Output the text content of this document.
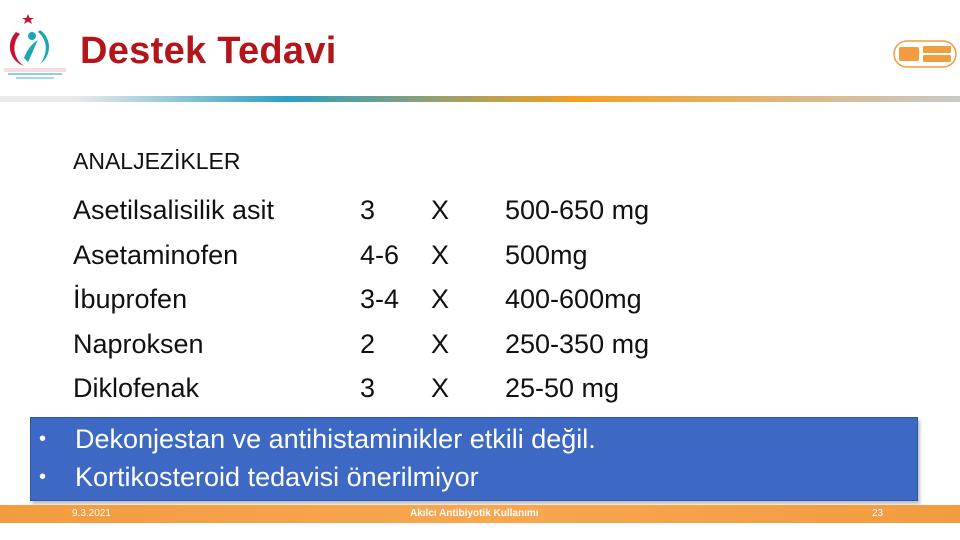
Destek Tedavi
ANALJEZİKLER
Asetilsalisilik asit	3 X 500-650 mg
Asetaminofen	4-6 X 500mg
İbuprofen	3-4 X 400-600mg
Naproksen	2 X 250-350 mg
Diklofenak	3 X 25-50 mg
• Dekonjestan ve antihistaminikler etkili değil.
• Kortikosteroid tedavisi önerilmiyor
9.3.2021	Akılcı Antibiyotik Kullanımı	23
